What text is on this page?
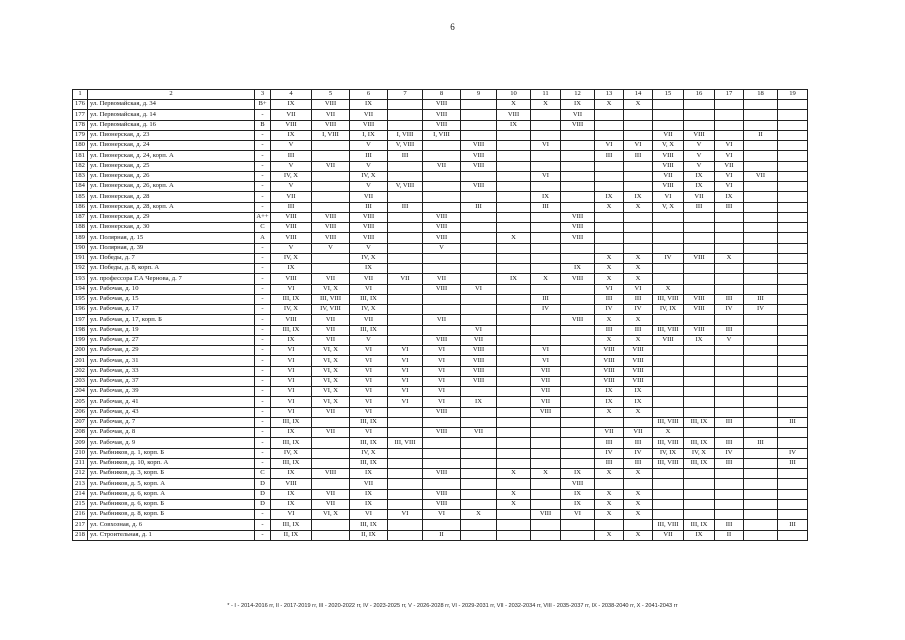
6
1	2	3	4	5	6	7	8	9	10	11	12	13	14	15	16	17	18	19
176	ул. Первомайская, д. 34	В+	IX	VIII	IX		VIII		X	X	IX	X	X					
177	ул. Первомайская, д. 14	-	VII	VII	VII		VIII		VIII		VII							
178	ул. Первомайская, д. 16	В	VIII	VIII	VIII		VIII		IX		VIII							
179	ул. Пионерская, д. 23	-	IX	I, VIII	I, IX	I, VIII	I, VIII							VII	VIII		II	
180	ул. Пионерская, д. 24	-	V		V	V, VIII		VIII		VI		VI	VI	V, X	V	VI		
181	ул. Пионерская, д. 24, корп. А	-	III		III	III		VIII				III	III	VIII	V	VI		
182	ул. Пионерская, д. 25	-	V	VII	V		VII	VIII						VIII	V	VII		
183	ул. Пионерская, д. 26	-	IV, X		IV, X					VI				VII	IX	VI	VII	
184	ул. Пионерская, д. 26, корп. А	-	V		V	V, VIII		VIII						VIII	IX	VI		
185	ул. Пионерская, д. 28	-	VII		VII					IX		IX	IX	VI	VII	IX		
186	ул. Пионерская, д. 28, корп. А	-	III		III	III		III		III		X	X	V, X	III	III		
187	ул. Пионерская, д. 29	А++	VIII	VIII	VIII		VIII				VIII							
188	ул. Пионерская, д. 30	С	VIII	VIII	VIII		VIII				VIII							
189	ул. Полярная, д. 15	А	VIII	VIII	VIII		VIII		X		VIII							
190	ул. Полярная, д. 39	-	V	V	V		V											
191	ул. Победы, д. 7	-	IV, X		IV, X							X	X	IV	VIII	X		
192	ул. Победы, д. 8, корп. А	-	IX		IX						IX	X	X					
193	ул. профессора Г.А Чернова, д. 7	-	VIII	VII	VII	VII	VII		IX	X	VIII	X	X					
194	ул. Рабочая, д. 10	-	VI	VI, X	VI		VIII	VI				VI	VI	X				
195	ул. Рабочая, д. 15	-	III, IX	III, VIII	III, IX					III		III	III	III, VIII	VIII	III	III	
196	ул. Рабочая, д. 17	-	IV, X	IV, VIII	IV, X					IV		IV	IV	IV, IX	VIII	IV	IV	
197	ул. Рабочая, д. 17, корп. Б	-	VIII	VII	VII		VII				VIII	X	X					
198	ул. Рабочая, д. 19	-	III, IX	VII	III, IX			VI				III	III	III, VIII	VIII	III		
199	ул. Рабочая, д. 27	-	IX	VII	V		VIII	VII				X	X	VIII	IX	V		
200	ул. Рабочая, д. 29	-	VI	VI, X	VI	VI	VI	VIII		VI		VIII	VIII					
201	ул. Рабочая, д. 31	-	VI	VI, X	VI	VI	VI	VIII		VI		VIII	VIII					
202	ул. Рабочая, д. 33	-	VI	VI, X	VI	VI	VI	VIII		VII		VIII	VIII					
203	ул. Рабочая, д. 37	-	VI	VI, X	VI	VI	VI	VIII		VII		VIII	VIII					
204	ул. Рабочая, д. 39	-	VI	VI, X	VI	VI	VI			VII		IX	IX					
205	ул. Рабочая, д. 41	-	VI	VI, X	VI	VI	VI	IX		VII		IX	IX					
206	ул. Рабочая, д. 43	-	VI	VII	VI		VIII			VIII		X	X					
207	ул. Рабочая, д. 7	-	III, IX		III, IX									III, VIII	III, IX	III		III
208	ул. Рабочая, д. 8	-	IX	VII	VI		VIII	VII				VII	VII	X				
209	ул. Рабочая, д. 9	-	III, IX		III, IX	III, VIII						III	III	III, VIII	III, IX	III	III	
210	ул. Рыбников, д. 1, корп. Б	-	IV, X		IV, X							IV	IV	IV, IX	IV, X	IV		IV
211	ул. Рыбников, д. 10, корп. А	-	III, IX		III, IX							III	III	III, VIII	III, IX	III		III
212	ул. Рыбников, д. 3, корп. Б	С	IX	VIII	IX		VIII		X	X	IX	X	X					
213	ул. Рыбников, д. 5, корп. А	D	VIII		VII						VIII							
214	ул. Рыбников, д. 6, корп. А	D	IX	VII	IX		VIII		X		IX	X	X					
215	ул. Рыбников, д. 6, корп. Б	D	IX	VII	IX		VIII		X		IX	X	X					
216	ул. Рыбников, д. 8, корп. Б	-	VI	VI, X	VI	VI	VI	X		VIII	VI	X	X					
217	ул. Совхозная, д. 6	-	III, IX		III, IX									III, VIII	III, IX	III		III
218	ул. Строительная, д. 1	-	II, IX		II, IX		II					X	X	VII	IX	II		
* - I - 2014-2016 гг, II - 2017-2019 гг, III - 2020-2022 гг, IV - 2023-2025 гг, V - 2026-2028 гг, VI - 2029-2031 гг, VII - 2032-2034 гг, VIII - 2035-2037 гг, IX - 2038-2040 гг, X - 2041-2043 гг
